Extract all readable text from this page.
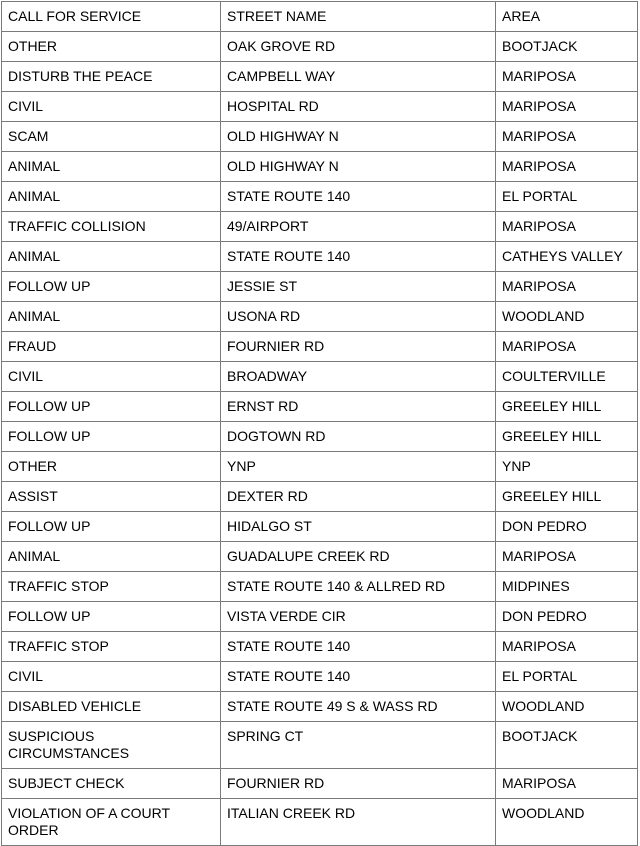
CALL FOR SERVICE	STREET NAME	AREA
OTHER	OAK GROVE RD	BOOTJACK
DISTURB THE PEACE	CAMPBELL WAY	MARIPOSA
CIVIL	HOSPITAL RD	MARIPOSA
SCAM	OLD HIGHWAY N	MARIPOSA
ANIMAL	OLD HIGHWAY N	MARIPOSA
ANIMAL	STATE ROUTE 140	EL PORTAL
TRAFFIC COLLISION	49/AIRPORT	MARIPOSA
ANIMAL	STATE ROUTE 140	CATHEYS VALLEY
FOLLOW UP	JESSIE ST	MARIPOSA
ANIMAL	USONA RD	WOODLAND
FRAUD	FOURNIER RD	MARIPOSA
CIVIL	BROADWAY	COULTERVILLE
FOLLOW UP	ERNST RD	GREELEY HILL
FOLLOW UP	DOGTOWN RD	GREELEY HILL
OTHER	YNP	YNP
ASSIST	DEXTER RD	GREELEY HILL
FOLLOW UP	HIDALGO ST	DON PEDRO
ANIMAL	GUADALUPE CREEK RD	MARIPOSA
TRAFFIC STOP	STATE ROUTE 140 & ALLRED RD	MIDPINES
FOLLOW UP	VISTA VERDE CIR	DON PEDRO
TRAFFIC STOP	STATE ROUTE 140	MARIPOSA
CIVIL	STATE ROUTE 140	EL PORTAL
DISABLED VEHICLE	STATE ROUTE 49 S & WASS RD	WOODLAND
SUSPICIOUS CIRCUMSTANCES	SPRING CT	BOOTJACK
SUBJECT CHECK	FOURNIER RD	MARIPOSA
VIOLATION OF A COURT ORDER	ITALIAN CREEK RD	WOODLAND
